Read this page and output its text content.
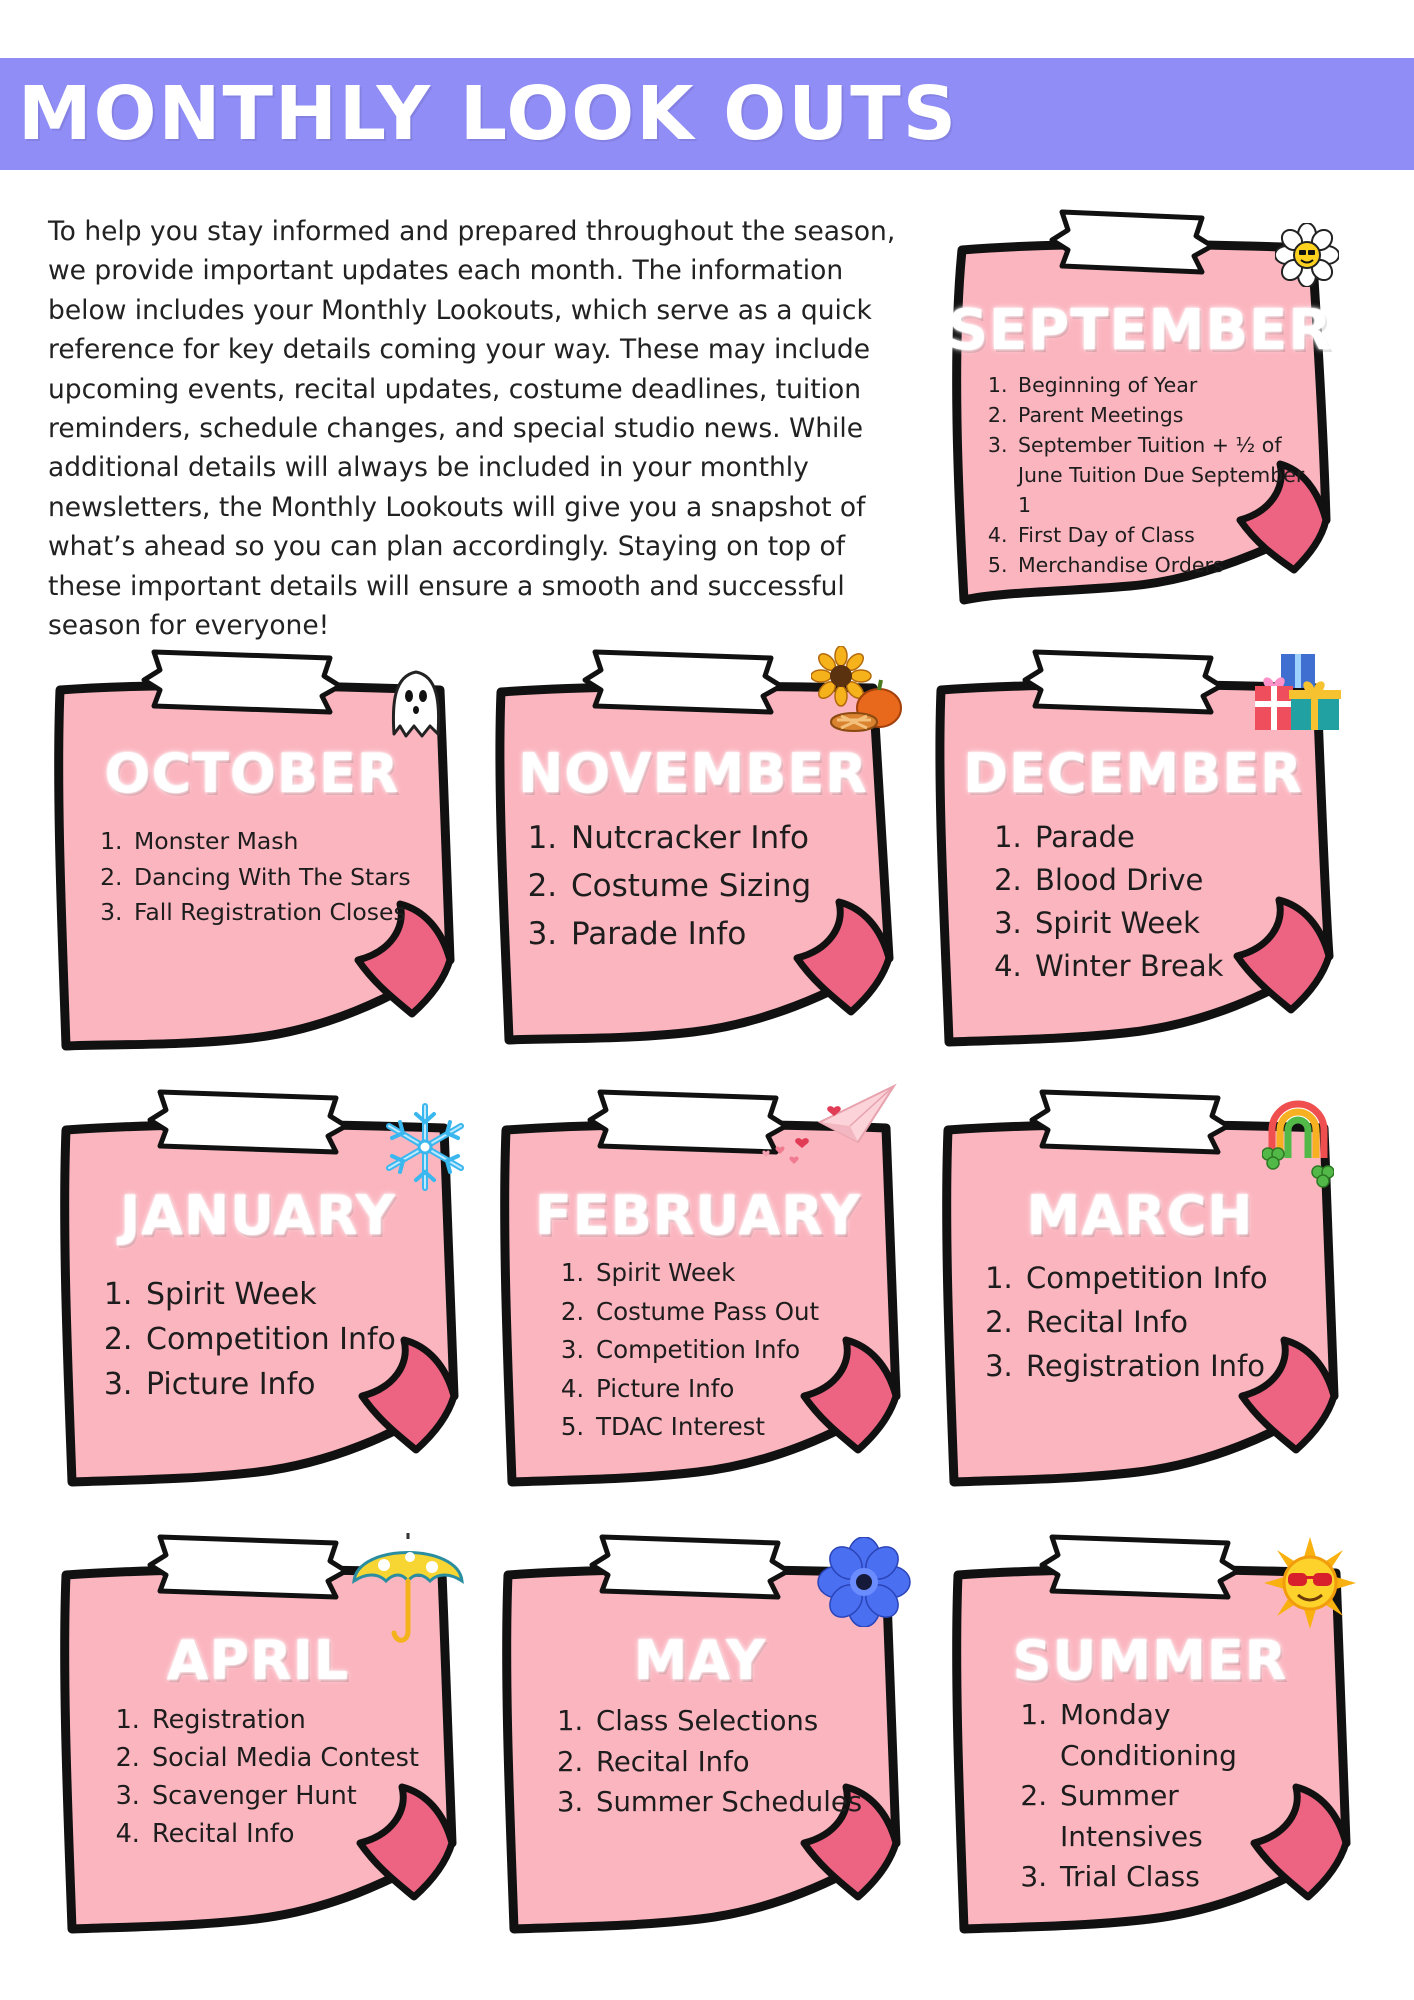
MONTHLY LOOK OUTS

To help you stay informed and prepared throughout the season, we provide important updates each month. The information below includes your Monthly Lookouts, which serve as a quick reference for key details coming your way. These may include upcoming events, recital updates, costume deadlines, tuition reminders, schedule changes, and special studio news. While additional details will always be included in your monthly newsletters, the Monthly Lookouts will give you a snapshot of what’s ahead so you can plan accordingly. Staying on top of these important details will ensure a smooth and successful season for everyone!

SEPTEMBER
1. Beginning of Year
2. Parent Meetings
3. September Tuition + ½ of June Tuition Due September 1
4. First Day of Class
5. Merchandise Orders
OCTOBER
1. Monster Mash
2. Dancing With The Stars
3. Fall Registration Closes
NOVEMBER
1. Nutcracker Info
2. Costume Sizing
3. Parade Info
DECEMBER
1. Parade
2. Blood Drive
3. Spirit Week
4. Winter Break
JANUARY
1. Spirit Week
2. Competition Info
3. Picture Info
FEBRUARY
1. Spirit Week
2. Costume Pass Out
3. Competition Info
4. Picture Info
5. TDAC Interest
MARCH
1. Competition Info
2. Recital Info
3. Registration Info
APRIL
1. Registration
2. Social Media Contest
3. Scavenger Hunt
4. Recital Info
MAY
1. Class Selections
2. Recital Info
3. Summer Schedules
SUMMER
1. Monday Conditioning
2. Summer Intensives
3. Trial Class
